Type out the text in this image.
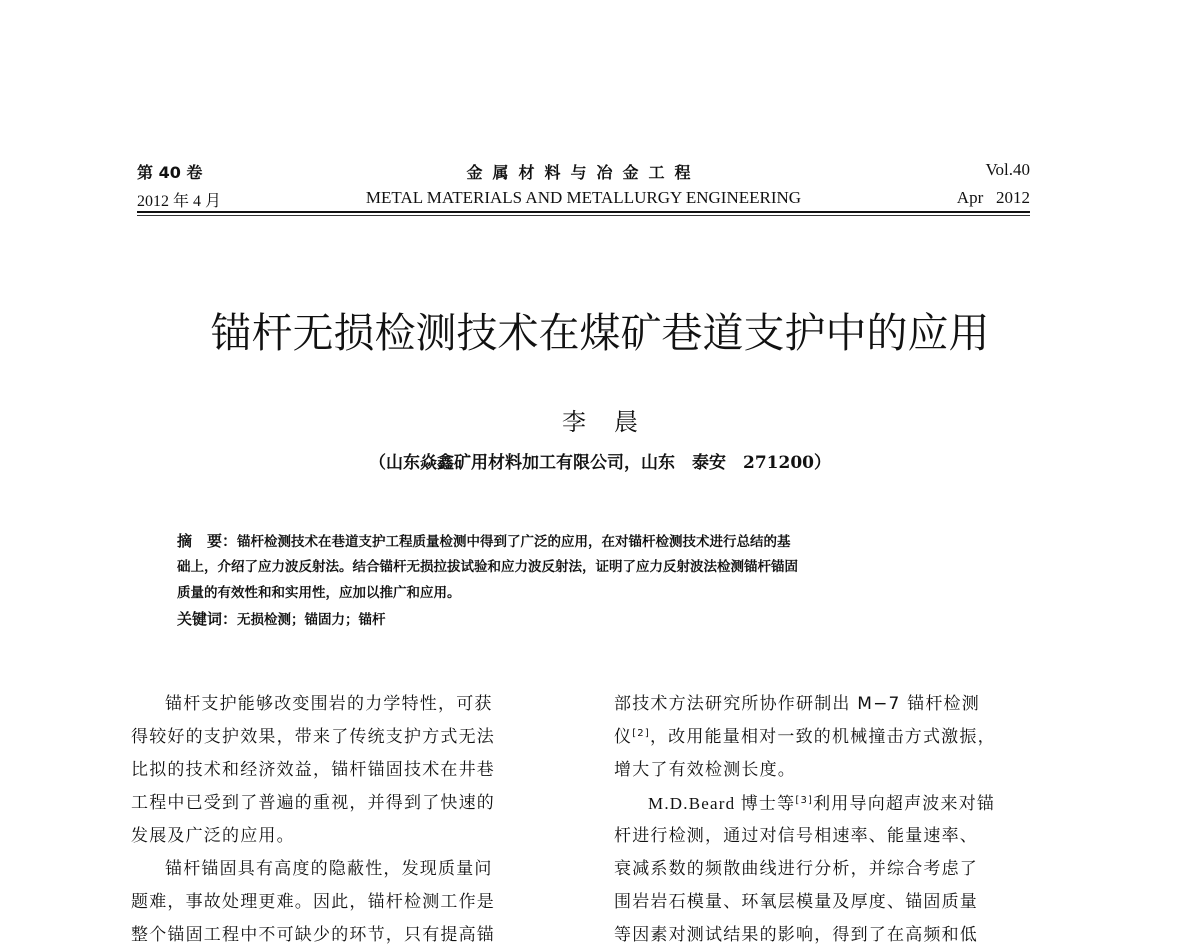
第 40 卷	金属材料与冶金工程	Vol.40
2012 年 4 月	METAL MATERIALS AND METALLURGY ENGINEERING	Apr   2012
锚杆无损检测技术在煤矿巷道支护中的应用
李晨
（山东焱鑫矿用材料加工有限公司，山东　泰安　271200）
摘　要：锚杆检测技术在巷道支护工程质量检测中得到了广泛的应用，在对锚杆检测技术进行总结的基
础上，介绍了应力波反射法。结合锚杆无损拉拔试验和应力波反射法，证明了应力反射波法检测锚杆锚固
质量的有效性和和实用性，应加以推广和应用。
关键词：无损检测；锚固力；锚杆
锚杆支护能够改变围岩的力学特性，可获
得较好的支护效果，带来了传统支护方式无法
比拟的技术和经济效益，锚杆锚固技术在井巷
工程中已受到了普遍的重视，并得到了快速的
发展及广泛的应用。
锚杆锚固具有高度的隐蔽性，发现质量问
题难，事故处理更难。因此，锚杆检测工作是
整个锚固工程中不可缺少的环节，只有提高锚
部技术方法研究所协作研制出 M−7 锚杆检测
仪[2]，改用能量相对一致的机械撞击方式激振，
增大了有效检测长度。
M.D.Beard 博士等[3]利用导向超声波来对锚
杆进行检测，通过对信号相速率、能量速率、
衰减系数的频散曲线进行分析，并综合考虑了
围岩岩石模量、环氧层模量及厚度、锚固质量
等因素对测试结果的影响，得到了在高频和低
